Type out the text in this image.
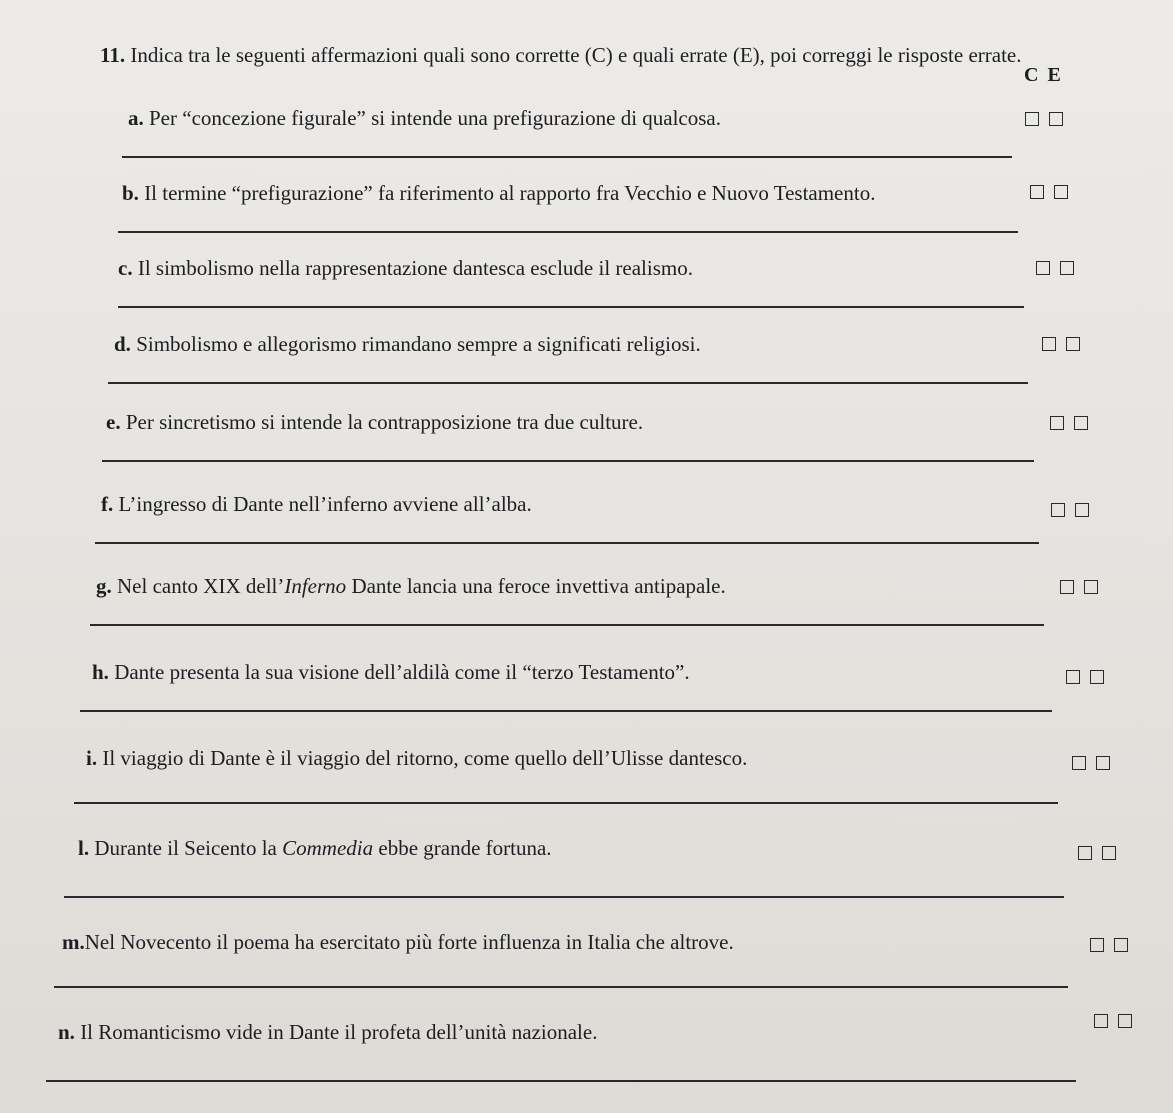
11. Indica tra le seguenti affermazioni quali sono corrette (C) e quali errate (E), poi correggi le risposte errate.
C E
a. Per “concezione figurale” si intende una prefigurazione di qualcosa.
b. Il termine “prefigurazione” fa riferimento al rapporto fra Vecchio e Nuovo Testamento.
c. Il simbolismo nella rappresentazione dantesca esclude il realismo.
d. Simbolismo e allegorismo rimandano sempre a significati religiosi.
e. Per sincretismo si intende la contrapposizione tra due culture.
f. L’ingresso di Dante nell’inferno avviene all’alba.
g. Nel canto XIX dell’Inferno Dante lancia una feroce invettiva antipapale.
h. Dante presenta la sua visione dell’aldilà come il “terzo Testamento”.
i. Il viaggio di Dante è il viaggio del ritorno, come quello dell’Ulisse dantesco.
l. Durante il Seicento la Commedia ebbe grande fortuna.
m.Nel Novecento il poema ha esercitato più forte influenza in Italia che altrove.
n. Il Romanticismo vide in Dante il profeta dell’unità nazionale.
